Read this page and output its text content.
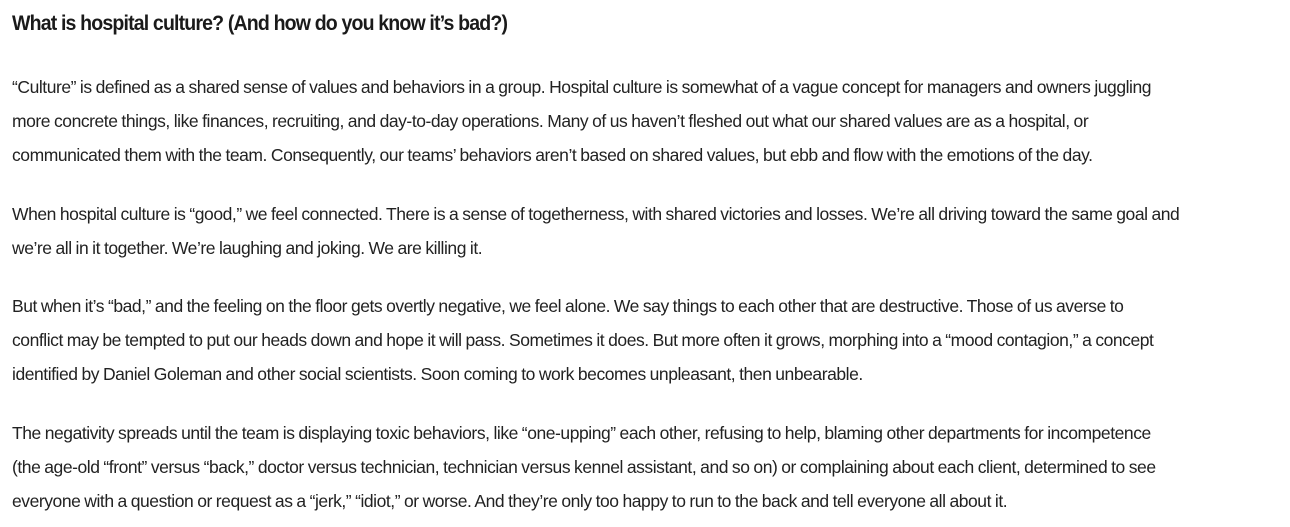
What is hospital culture? (And how do you know it’s bad?)

“Culture” is defined as a shared sense of values and behaviors in a group. Hospital culture is somewhat of a vague concept for managers and owners juggling
more concrete things, like finances, recruiting, and day-to-day operations. Many of us haven’t fleshed out what our shared values are as a hospital, or
communicated them with the team. Consequently, our teams’ behaviors aren’t based on shared values, but ebb and flow with the emotions of the day.

When hospital culture is “good,” we feel connected. There is a sense of togetherness, with shared victories and losses. We’re all driving toward the same goal and
we’re all in it together. We’re laughing and joking. We are killing it.

But when it’s “bad,” and the feeling on the floor gets overtly negative, we feel alone. We say things to each other that are destructive. Those of us averse to
conflict may be tempted to put our heads down and hope it will pass. Sometimes it does. But more often it grows, morphing into a “mood contagion,” a concept
identified by Daniel Goleman and other social scientists. Soon coming to work becomes unpleasant, then unbearable.

The negativity spreads until the team is displaying toxic behaviors, like “one-upping” each other, refusing to help, blaming other departments for incompetence
(the age-old “front” versus “back,” doctor versus technician, technician versus kennel assistant, and so on) or complaining about each client, determined to see
everyone with a question or request as a “jerk,” “idiot,” or worse. And they’re only too happy to run to the back and tell everyone all about it.
